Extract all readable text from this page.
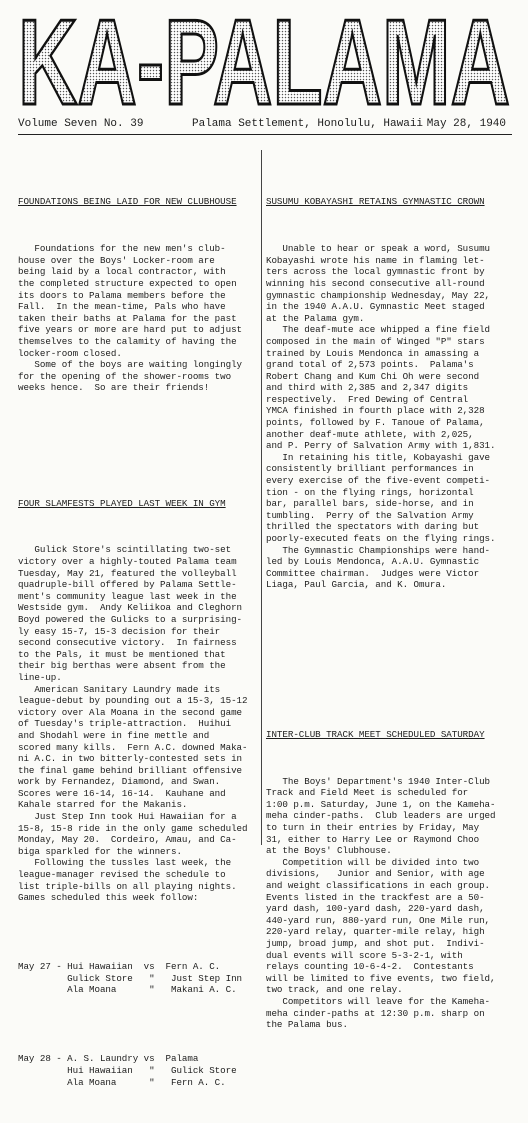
KA-PALAMA
Volume Seven No. 39	Palama Settlement, Honolulu, Hawaii May 28, 1940

FOUNDATIONS BEING LAID FOR NEW CLUBHOUSE

Foundations for the new men's club-
house over the Boys' Locker-room are
being laid by a local contractor, with
the completed structure expected to open
its doors to Palama members before the
Fall.  In the mean-time, Pals who have
taken their baths at Palama for the past
five years or more are hard put to adjust
themselves to the calamity of having the
locker-room closed.
Some of the boys are waiting longingly
for the opening of the shower-rooms two
weeks hence.  So are their friends!

FOUR SLAMFESTS PLAYED LAST WEEK IN GYM

Gulick Store's scintillating two-set
victory over a highly-touted Palama team
Tuesday, May 21, featured the volleyball
quadruple-bill offered by Palama Settle-
ment's community league last week in the
Westside gym.  Andy Keliikoa and Cleghorn
Boyd powered the Gulicks to a surprising-
ly easy 15-7, 15-3 decision for their
second consecutive victory.  In fairness
to the Pals, it must be mentioned that
their big berthas were absent from the
line-up.
American Sanitary Laundry made its
league-debut by pounding out a 15-3, 15-12
victory over Ala Moana in the second game
of Tuesday's triple-attraction.  Huihui
and Shodahl were in fine mettle and
scored many kills.  Fern A.C. downed Maka-
ni A.C. in two bitterly-contested sets in
the final game behind brilliant offensive
work by Fernandez, Diamond, and Swan.
Scores were 16-14, 16-14.  Kauhane and
Kahale starred for the Makanis.
Just Step Inn took Hui Hawaiian for a
15-8, 15-8 ride in the only game scheduled
Monday, May 20.  Cordeiro, Amau, and Ca-
biga sparkled for the winners.
Following the tussles last week, the
league-manager revised the schedule to
list triple-bills on all playing nights.
Games scheduled this week follow:

May 27 - Hui Hawaiian  vs  Fern A. C.
Gulick Store   "   Just Step Inn
Ala Moana      "   Makani A. C.

May 28 - A. S. Laundry vs  Palama
Hui Hawaiian   "   Gulick Store
Ala Moana      "   Fern A. C.

SUSUMU KOBAYASHI RETAINS GYMNASTIC CROWN

Unable to hear or speak a word, Susumu
Kobayashi wrote his name in flaming let-
ters across the local gymnastic front by
winning his second consecutive all-round
gymnastic championship Wednesday, May 22,
in the 1940 A.A.U. Gymnastic Meet staged
at the Palama gym.
The deaf-mute ace whipped a fine field
composed in the main of Winged "P" stars
trained by Louis Mendonca in amassing a
grand total of 2,573 points.  Palama's
Robert Chang and Kum Chi Oh were second
and third with 2,385 and 2,347 digits
respectively.  Fred Dewing of Central
YMCA finished in fourth place with 2,328
points, followed by F. Tanoue of Palama,
another deaf-mute athlete, with 2,025,
and P. Perry of Salvation Army with 1,831.
In retaining his title, Kobayashi gave
consistently brilliant performances in
every exercise of the five-event competi-
tion - on the flying rings, horizontal
bar, parallel bars, side-horse, and in
tumbling.  Perry of the Salvation Army
thrilled the spectators with daring but
poorly-executed feats on the flying rings.
The Gymnastic Championships were hand-
led by Louis Mendonca, A.A.U. Gymnastic
Committee chairman.  Judges were Victor
Liaga, Paul Garcia, and K. Omura.

INTER-CLUB TRACK MEET SCHEDULED SATURDAY

The Boys' Department's 1940 Inter-Club
Track and Field Meet is scheduled for
1:00 p.m. Saturday, June 1, on the Kameha-
meha cinder-paths.  Club leaders are urged
to turn in their entries by Friday, May
31, either to Harry Lee or Raymond Choo
at the Boys' Clubhouse.
Competition will be divided into two
divisions,   Junior and Senior, with age
and weight classifications in each group.
Events listed in the trackfest are a 50-
yard dash, 100-yard dash, 220-yard dash,
440-yard run, 880-yard run, One Mile run,
220-yard relay, quarter-mile relay, high
jump, broad jump, and shot put.  Indivi-
dual events will score 5-3-2-1, with
relays counting 10-6-4-2.  Contestants
will be limited to five events, two field,
two track, and one relay.
Competitors will leave for the Kameha-
meha cinder-paths at 12:30 p.m. sharp on
the Palama bus.
